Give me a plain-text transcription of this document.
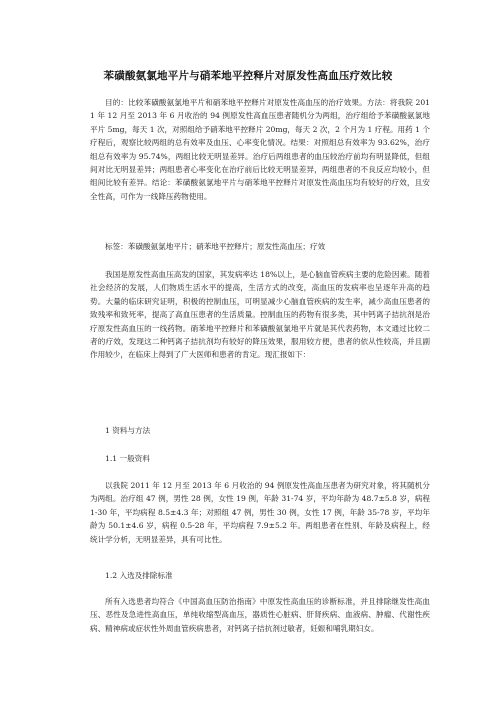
苯磺酸氨氯地平片与硝苯地平控释片对原发性高血压疗效比较

目的：比较苯磺酸氨氯地平片和硝苯地平控释片对原发性高血压的治疗效果。方法：将我院 2011 年 12 月至 2013 年 6 月收治的 94 例原发性高血压患者随机分为两组，治疗组给予苯磺酸氨氯地平片 5mg，每天 1 次，对照组给予硝苯地平控释片 20mg，每天 2 次，2 个月为 1 疗程。用药 1 个疗程后，观察比较两组的总有效率及血压、心率变化情况。结果：对照组总有效率为 93.62%，治疗组总有效率为 95.74%，两组比较无明显差异。治疗后两组患者的血压较治疗前均有明显降低，但组间对比无明显差异；两组患者心率变化在治疗前后比较无明显差异，两组患者的不良反应均较小，但组间比较有差异。结论：苯磺酸氨氯地平片与硝苯地平控释片对原发性高血压均有较好的疗效，且安全性高，可作为一线降压药物使用。

标签：苯磺酸氨氯地平片；硝苯地平控释片；原发性高血压；疗效

我国是原发性高血压高发的国家，其发病率达 18%以上，是心脑血管疾病主要的危险因素。随着社会经济的发展，人们物质生活水平的提高，生活方式的改变，高血压的发病率也呈逐年升高的趋势。大量的临床研究证明，积极的控制血压，可明显减少心脑血管疾病的发生率，减少高血压患者的致残率和致死率，提高了高血压患者的生活质量。控制血压的药物有很多类，其中钙离子拮抗剂是治疗原发性高血压的一线药物。硝苯地平控释片和苯磺酸氨氯地平片就是其代表药物，本文通过比较二者的疗效，发现这二种钙离子拮抗剂均有较好的降压效果，服用较方便，患者的依从性较高，并且副作用较少，在临床上得到了广大医师和患者的肯定。现汇报如下：

1 资料与方法

1.1 一般资料

以我院 2011 年 12 月至 2013 年 6 月收治的 94 例原发性高血压患者为研究对象，将其随机分为两组。治疗组 47 例，男性 28 例，女性 19 例，年龄 31-74 岁，平均年龄为 48.7±5.8 岁，病程 1-30 年，平均病程 8.5±4.3 年；对照组 47 例，男性 30 例，女性 17 例，年龄 35-78 岁，平均年龄为 50.1±4.6 岁，病程 0.5-28 年，平均病程 7.9±5.2 年。两组患者在性别、年龄及病程上，经统计学分析，无明显差异，具有可比性。

1.2 入选及排除标准

所有入选患者均符合《中国高血压防治指南》中原发性高血压的诊断标准，并且排除继发性高血压、恶性及急进性高血压，单纯收缩型高血压，器质性心脏病、肝肾疾病、血液病、肿瘤、代谢性疾病、精神病或症状性外周血管疾病患者，对钙离子拮抗剂过敏者，妊娠和哺乳期妇女。
